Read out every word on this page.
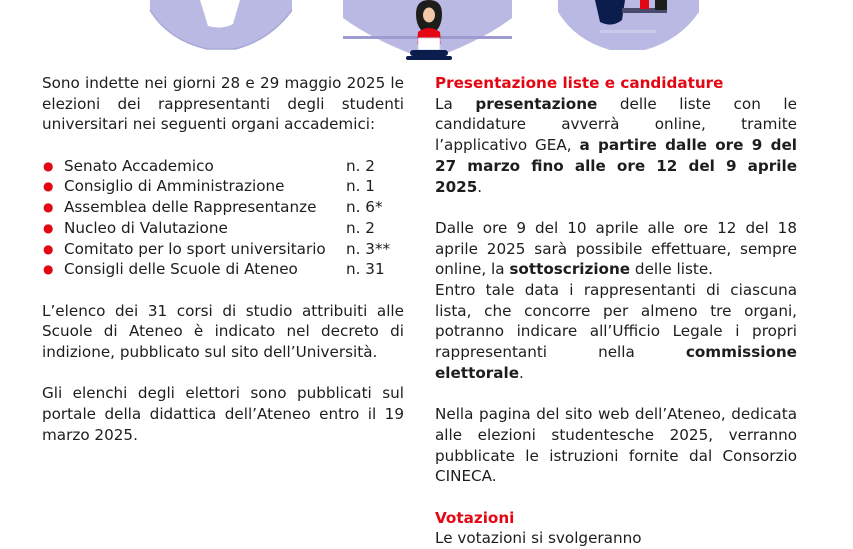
Sono indette nei giorni 28 e 29 maggio 2025 le elezioni dei rappresentanti degli studenti universitari nei seguenti organi accademici:

● Senato Accademico	n. 2
● Consiglio di Amministrazione	n. 1
● Assemblea delle Rappresentanze n. 6*
● Nucleo di Valutazione	n. 2
● Comitato per lo sport universitario n. 3**
● Consigli delle Scuole di Ateneo	n. 31

L’elenco dei 31 corsi di studio attribuiti alle Scuole di Ateneo è indicato nel decreto di indizione, pubblicato sul sito dell’Università.

Gli elenchi degli elettori sono pubblicati sul portale della didattica dell’Ateneo entro il 19 marzo 2025.

Presentazione liste e candidature

La presentazione delle liste con le candidature avverrà online, tramite l’applicativo GEA, a partire dalle ore 9 del 27 marzo fino alle ore 12 del 9 aprile 2025.

Dalle ore 9 del 10 aprile alle ore 12 del 18 aprile 2025 sarà possibile effettuare, sempre online, la sottoscrizione delle liste.

Entro tale data i rappresentanti di ciascuna lista, che concorre per almeno tre organi, potranno indicare all’Ufficio Legale i propri rappresentanti nella commissione elettorale.

Nella pagina del sito web dell’Ateneo, dedicata alle elezioni studentesche 2025, verranno pubblicate le istruzioni fornite dal Consorzio CINECA.

Votazioni

Le votazioni si svolgeranno
